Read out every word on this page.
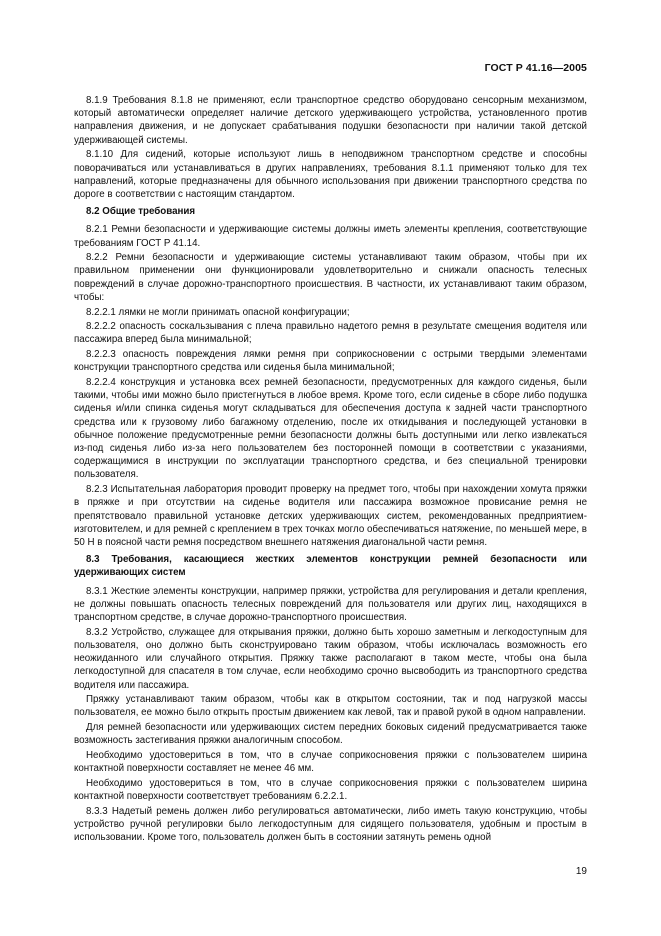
ГОСТ Р 41.16—2005

8.1.9 Требования 8.1.8 не применяют, если транспортное средство оборудовано сенсорным механизмом, который автоматически определяет наличие детского удерживающего устройства, установленного против направления движения, и не допускает срабатывания подушки безопасности при наличии такой детской удерживающей системы.

8.1.10 Для сидений, которые используют лишь в неподвижном транспортном средстве и способны поворачиваться или устанавливаться в других направлениях, требования 8.1.1 применяют только для тех направлений, которые предназначены для обычного использования при движении транспортного средства по дороге в соответствии с настоящим стандартом.

8.2 Общие требования

8.2.1 Ремни безопасности и удерживающие системы должны иметь элементы крепления, соответствующие требованиям ГОСТ Р 41.14.

8.2.2 Ремни безопасности и удерживающие системы устанавливают таким образом, чтобы при их правильном применении они функционировали удовлетворительно и снижали опасность телесных повреждений в случае дорожно-транспортного происшествия. В частности, их устанавливают таким образом, чтобы:

8.2.2.1 лямки не могли принимать опасной конфигурации;

8.2.2.2 опасность соскальзывания с плеча правильно надетого ремня в результате смещения водителя или пассажира вперед была минимальной;

8.2.2.3 опасность повреждения лямки ремня при соприкосновении с острыми твердыми элементами конструкции транспортного средства или сиденья была минимальной;

8.2.2.4 конструкция и установка всех ремней безопасности, предусмотренных для каждого сиденья, были такими, чтобы ими можно было пристегнуться в любое время. Кроме того, если сиденье в сборе либо подушка сиденья и/или спинка сиденья могут складываться для обеспечения доступа к задней части транспортного средства или к грузовому либо багажному отделению, после их откидывания и последующей установки в обычное положение предусмотренные ремни безопасности должны быть доступными или легко извлекаться из-под сиденья либо из-за него пользователем без посторонней помощи в соответствии с указаниями, содержащимися в инструкции по эксплуатации транспортного средства, и без специальной тренировки пользователя.

8.2.3 Испытательная лаборатория проводит проверку на предмет того, чтобы при нахождении хомута пряжки в пряжке и при отсутствии на сиденье водителя или пассажира возможное провисание ремня не препятствовало правильной установке детских удерживающих систем, рекомендованных предприятием-изготовителем, и для ремней с креплением в трех точках могло обеспечиваться натяжение, по меньшей мере, в 50 Н в поясной части ремня посредством внешнего натяжения диагональной части ремня.

8.3 Требования, касающиеся жестких элементов конструкции ремней безопасности или удерживающих систем

8.3.1 Жесткие элементы конструкции, например пряжки, устройства для регулирования и детали крепления, не должны повышать опасность телесных повреждений для пользователя или других лиц, находящихся в транспортном средстве, в случае дорожно-транспортного происшествия.

8.3.2 Устройство, служащее для открывания пряжки, должно быть хорошо заметным и легкодоступным для пользователя, оно должно быть сконструировано таким образом, чтобы исключалась возможность его неожиданного или случайного открытия. Пряжку также располагают в таком месте, чтобы она была легкодоступной для спасателя в том случае, если необходимо срочно высвободить из транспортного средства водителя или пассажира.

Пряжку устанавливают таким образом, чтобы как в открытом состоянии, так и под нагрузкой массы пользователя, ее можно было открыть простым движением как левой, так и правой рукой в одном направлении.

Для ремней безопасности или удерживающих систем передних боковых сидений предусматривается также возможность застегивания пряжки аналогичным способом.

Необходимо удостовериться в том, что в случае соприкосновения пряжки с пользователем ширина контактной поверхности составляет не менее 46 мм.

Необходимо удостовериться в том, что в случае соприкосновения пряжки с пользователем ширина контактной поверхности соответствует требованиям 6.2.2.1.

8.3.3 Надетый ремень должен либо регулироваться автоматически, либо иметь такую конструкцию, чтобы устройство ручной регулировки было легкодоступным для сидящего пользователя, удобным и простым в использовании. Кроме того, пользователь должен быть в состоянии затянуть ремень одной

19
